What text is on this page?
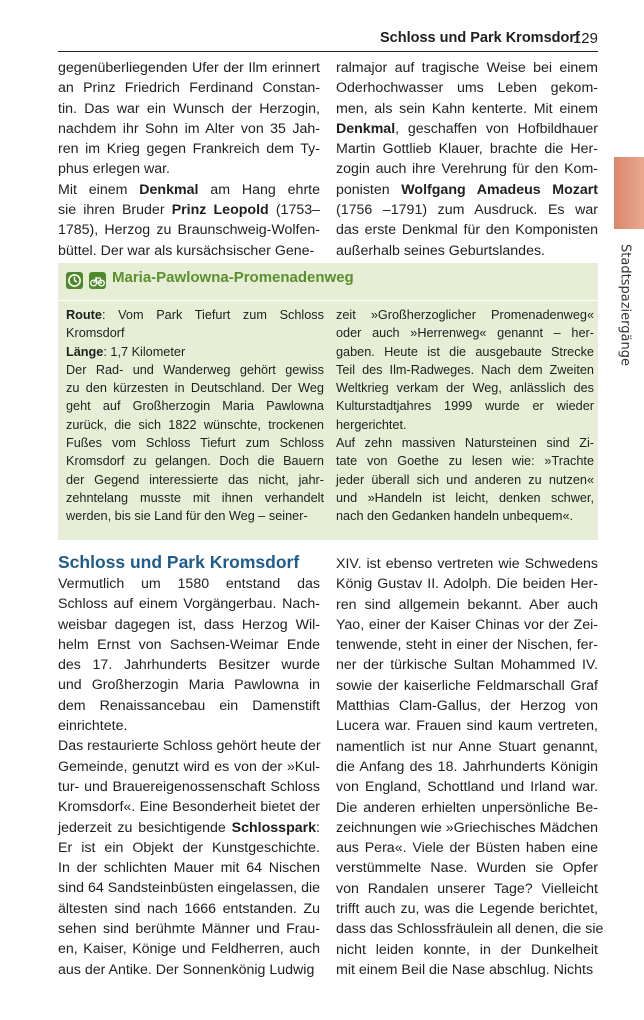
Schloss und Park Kromsdorf
129
Stadtspaziergänge
gegenüberliegenden Ufer der Ilm erinnert
an Prinz Friedrich Ferdinand Constan-
tin. Das war ein Wunsch der Herzogin,
nachdem ihr Sohn im Alter von 35 Jah-
ren im Krieg gegen Frankreich dem Ty-
phus erlegen war.
Mit einem Denkmal am Hang ehrte
sie ihren Bruder Prinz Leopold (1753–
1785), Herzog zu Braunschweig-Wolfen-
büttel. Der war als kursächsischer Gene-
ralmajor auf tragische Weise bei einem
Oderhochwasser ums Leben gekom-
men, als sein Kahn kenterte. Mit einem
Denkmal, geschaffen von Hofbildhauer
Martin Gottlieb Klauer, brachte die Her-
zogin auch ihre Verehrung für den Kom-
ponisten Wolfgang Amadeus Mozart
(1756 –1791) zum Ausdruck. Es war
das erste Denkmal für den Komponisten
außerhalb seines Geburtslandes.
Maria-Pawlowna-Promenadenweg
Route: Vom Park Tiefurt zum Schloss
Kromsdorf
Länge: 1,7 Kilometer
Der Rad- und Wanderweg gehört gewiss
zu den kürzesten in Deutschland. Der Weg
geht auf Großherzogin Maria Pawlowna
zurück, die sich 1822 wünschte, trockenen
Fußes vom Schloss Tiefurt zum Schloss
Kromsdorf zu gelangen. Doch die Bauern
der Gegend interessierte das nicht, jahr-
zehntelang musste mit ihnen verhandelt
werden, bis sie Land für den Weg – seiner-
zeit »Großherzoglicher Promenadenweg«
oder auch »Herrenweg« genannt – her-
gaben. Heute ist die ausgebaute Strecke
Teil des Ilm-Radweges. Nach dem Zweiten
Weltkrieg verkam der Weg, anlässlich des
Kulturstadtjahres 1999 wurde er wieder
hergerichtet.
Auf zehn massiven Natursteinen sind Zi-
tate von Goethe zu lesen wie: »Trachte
jeder überall sich und anderen zu nutzen«
und »Handeln ist leicht, denken schwer,
nach den Gedanken handeln unbequem«.
Schloss und Park Kromsdorf
Vermutlich um 1580 entstand das
Schloss auf einem Vorgängerbau. Nach-
weisbar dagegen ist, dass Herzog Wil-
helm Ernst von Sachsen-Weimar Ende
des 17. Jahrhunderts Besitzer wurde
und Großherzogin Maria Pawlowna in
dem Renaissancebau ein Damenstift
einrichtete.
Das restaurierte Schloss gehört heute der
Gemeinde, genutzt wird es von der »Kul-
tur- und Brauereigenossenschaft Schloss
Kromsdorf«. Eine Besonderheit bietet der
jederzeit zu besichtigende Schlosspark:
Er ist ein Objekt der Kunstgeschichte.
In der schlichten Mauer mit 64 Nischen
sind 64 Sandsteinbüsten eingelassen, die
ältesten sind nach 1666 entstanden. Zu
sehen sind berühmte Männer und Frau-
en, Kaiser, Könige und Feldherren, auch
aus der Antike. Der Sonnenkönig Ludwig
XIV. ist ebenso vertreten wie Schwedens
König Gustav II. Adolph. Die beiden Her-
ren sind allgemein bekannt. Aber auch
Yao, einer der Kaiser Chinas vor der Zei-
tenwende, steht in einer der Nischen, fer-
ner der türkische Sultan Mohammed IV.
sowie der kaiserliche Feldmarschall Graf
Matthias Clam-Gallus, der Herzog von
Lucera war. Frauen sind kaum vertreten,
namentlich ist nur Anne Stuart genannt,
die Anfang des 18. Jahrhunderts Königin
von England, Schottland und Irland war.
Die anderen erhielten unpersönliche Be-
zeichnungen wie »Griechisches Mädchen
aus Pera«. Viele der Büsten haben eine
verstümmelte Nase. Wurden sie Opfer
von Randalen unserer Tage? Vielleicht
trifft auch zu, was die Legende berichtet,
dass das Schlossfräulein all denen, die sie
nicht leiden konnte, in der Dunkelheit
mit einem Beil die Nase abschlug. Nichts
